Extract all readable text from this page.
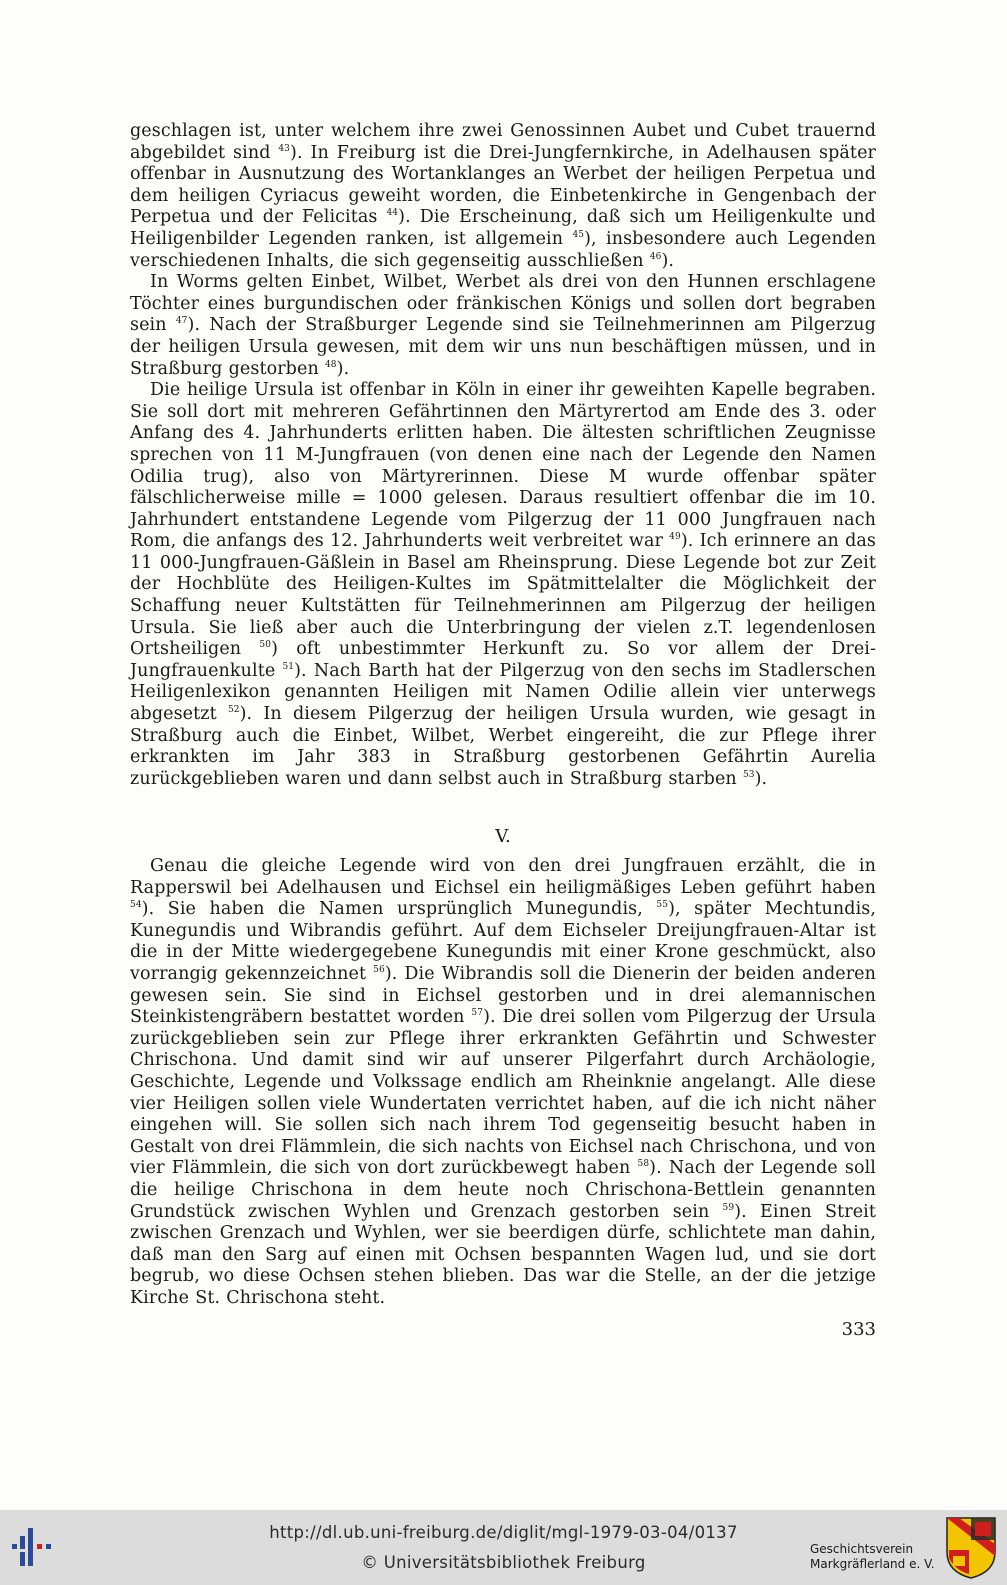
geschlagen ist, unter welchem ihre zwei Genossinnen Aubet und Cubet trauernd abgebildet sind $^{43}$). In Freiburg ist die Drei-Jungfernkirche, in Adelhausen später offenbar in Ausnutzung des Wortanklanges an Werbet der heiligen Perpetua und dem heiligen Cyriacus geweiht worden, die Einbetenkirche in Gengenbach der Perpetua und der Felicitas $^{44}$). Die Erscheinung, daß sich um Heiligenkulte und Heiligenbilder Legenden ranken, ist allgemein $^{45}$), insbesondere auch Legenden verschiedenen Inhalts, die sich gegenseitig ausschließen $^{46}$).

In Worms gelten Einbet, Wilbet, Werbet als drei von den Hunnen erschlagene Töchter eines burgundischen oder fränkischen Königs und sollen dort begraben sein $^{47}$). Nach der Straßburger Legende sind sie Teilnehmerinnen am Pilgerzug der heiligen Ursula gewesen, mit dem wir uns nun beschäftigen müssen, und in Straßburg gestorben $^{48}$).

Die heilige Ursula ist offenbar in Köln in einer ihr geweihten Kapelle begraben. Sie soll dort mit mehreren Gefährtinnen den Märtyrertod am Ende des 3. oder Anfang des 4. Jahrhunderts erlitten haben. Die ältesten schriftlichen Zeugnisse sprechen von 11 M-Jungfrauen (von denen eine nach der Legende den Namen Odilia trug), also von Märtyrerinnen. Diese M wurde offenbar später fälschlicherweise mille = 1000 gelesen. Daraus resultiert offenbar die im 10. Jahrhundert entstandene Legende vom Pilgerzug der 11 000 Jungfrauen nach Rom, die anfangs des 12. Jahrhunderts weit verbreitet war $^{49}$). Ich erinnere an das 11 000-Jungfrauen-Gäßlein in Basel am Rheinsprung. Diese Legende bot zur Zeit der Hochblüte des Heiligen-Kultes im Spätmittelalter die Möglichkeit der Schaffung neuer Kultstätten für Teilnehmerinnen am Pilgerzug der heiligen Ursula. Sie ließ aber auch die Unterbringung der vielen z.T. legendenlosen Ortsheiligen $^{50}$) oft unbestimmter Herkunft zu. So vor allem der Drei-Jungfrauenkulte $^{51}$). Nach Barth hat der Pilgerzug von den sechs im Stadlerschen Heiligenlexikon genannten Heiligen mit Namen Odilie allein vier unterwegs abgesetzt $^{52}$). In diesem Pilgerzug der heiligen Ursula wurden, wie gesagt in Straßburg auch die Einbet, Wilbet, Werbet eingereiht, die zur Pflege ihrer erkrankten im Jahr 383 in Straßburg gestorbenen Gefährtin Aurelia zurückgeblieben waren und dann selbst auch in Straßburg starben $^{53}$).

V.

Genau die gleiche Legende wird von den drei Jungfrauen erzählt, die in Rapperswil bei Adelhausen und Eichsel ein heiligmäßiges Leben geführt haben $^{54}$). Sie haben die Namen ursprünglich Munegundis, $^{55}$), später Mechtundis, Kunegundis und Wibrandis geführt. Auf dem Eichseler Dreijungfrauen-Altar ist die in der Mitte wiedergegebene Kunegundis mit einer Krone geschmückt, also vorrangig gekennzeichnet $^{56}$). Die Wibrandis soll die Dienerin der beiden anderen gewesen sein. Sie sind in Eichsel gestorben und in drei alemannischen Steinkistengräbern bestattet worden $^{57}$). Die drei sollen vom Pilgerzug der Ursula zurückgeblieben sein zur Pflege ihrer erkrankten Gefährtin und Schwester Chrischona. Und damit sind wir auf unserer Pilgerfahrt durch Archäologie, Geschichte, Legende und Volkssage endlich am Rheinknie angelangt. Alle diese vier Heiligen sollen viele Wundertaten verrichtet haben, auf die ich nicht näher eingehen will. Sie sollen sich nach ihrem Tod gegenseitig besucht haben in Gestalt von drei Flämmlein, die sich nachts von Eichsel nach Chrischona, und von vier Flämmlein, die sich von dort zurückbewegt haben $^{58}$). Nach der Legende soll die heilige Chrischona in dem heute noch Chrischona-Bettlein genannten Grundstück zwischen Wyhlen und Grenzach gestorben sein $^{59}$). Einen Streit zwischen Grenzach und Wyhlen, wer sie beerdigen dürfe, schlichtete man dahin, daß man den Sarg auf einen mit Ochsen bespannten Wagen lud, und sie dort begrub, wo diese Ochsen stehen blieben. Das war die Stelle, an der die jetzige Kirche St. Chrischona steht.

333
http://dl.ub.uni-freiburg.de/diglit/mgl-1979-03-04/0137
© Universitätsbibliothek Freiburg
Geschichtsverein
Markgräflerland e. V.
